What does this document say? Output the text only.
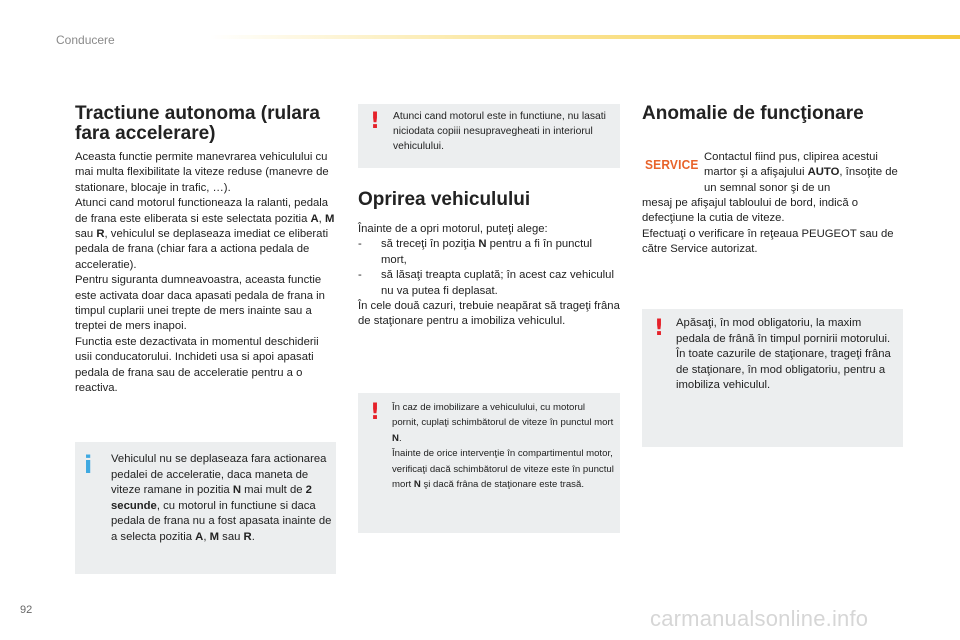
Conducere
Tractiune autonoma (rulara fara accelerare)

Aceasta functie permite manevrarea vehiculului cu mai multa flexibilitate la viteze reduse (manevre de stationare, blocaje in trafic, …).

Atunci cand motorul functioneaza la ralanti, pedala de frana este eliberata si este selectata pozitia A, M sau R, vehiculul se deplaseaza imediat ce eliberati pedala de frana (chiar fara a actiona pedala de acceleratie).

Pentru siguranta dumneavoastra, aceasta functie este activata doar daca apasati pedala de frana in timpul cuplarii unei trepte de mers inainte sau a treptei de mers inapoi.

Functia este dezactivata in momentul deschiderii usii conducatorului. Inchideti usa si apoi apasati pedala de frana sau de acceleratie pentru a o reactiva.

i Vehiculul nu se deplaseaza fara actionarea pedalei de acceleratie, daca maneta de viteze ramane in pozitia N mai mult de 2 secunde, cu motorul in functiune si daca pedala de frana nu a fost apasata inainte de a selecta pozitia A, M sau R.
! Atunci cand motorul este in functiune, nu lasati niciodata copiii nesupravegheati in interiorul vehiculului.
Oprirea vehiculului

Înainte de a opri motorul, puteţi alege:

- să treceţi în poziţia N pentru a fi în punctul mort,
- să lăsaţi treapta cuplată; în acest caz vehiculul nu va putea fi deplasat.

În cele două cazuri, trebuie neapărat să trageţi frâna de staţionare pentru a imobiliza vehiculul.

! În caz de imobilizare a vehiculului, cu motorul pornit, cuplaţi schimbătorul de viteze în punctul mort N.
Înainte de orice intervenţie în compartimentul motor, verificaţi dacă schimbătorul de viteze este în punctul mort N şi dacă frâna de staţionare este trasă.
Anomalie de funcţionare
SERVICE Contactul fiind pus, clipirea acestui martor şi a afişajului AUTO, însoţite de un semnal sonor şi de un

mesaj pe afişajul tabloului de bord, indică o defecţiune la cutia de viteze.

Efectuaţi o verificare în reţeaua PEUGEOT sau de către Service autorizat.

! Apăsaţi, în mod obligatoriu, la maxim pedala de frână în timpul pornirii motorului.

În toate cazurile de staţionare, trageţi frâna de staţionare, în mod obligatoriu, pentru a imobiliza vehiculul.

92	carmanualsonline.info
